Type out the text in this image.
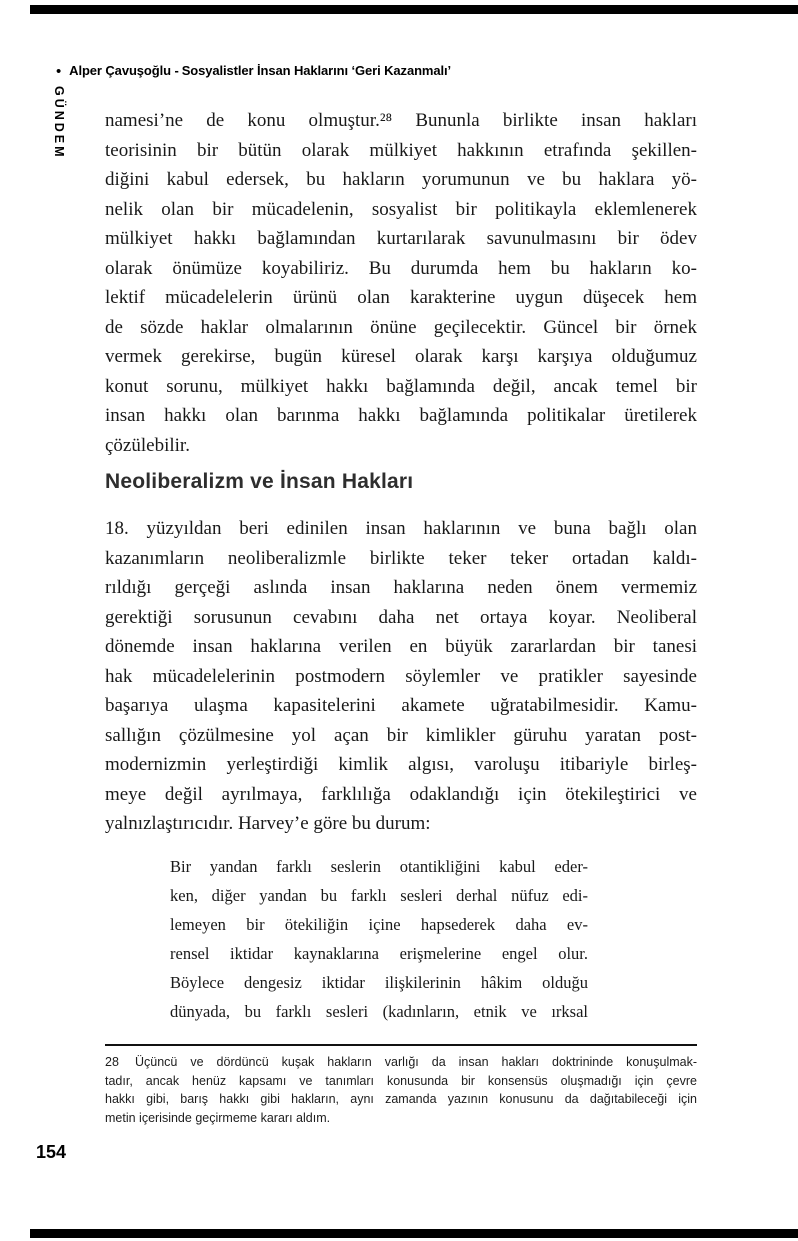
• Alper Çavuşoğlu - Sosyalistler İnsan Haklarını ‘Geri Kazanmalı’
GÜNDEM namesi’ne de konu olmuştur.²⁸ Bununla birlikte insan hakları
teorisinin bir bütün olarak mülkiyet hakkının etrafında şekillen-
diğini kabul edersek, bu hakların yorumunun ve bu haklara yö-
nelik olan bir mücadelenin, sosyalist bir politikayla eklemlenerek
mülkiyet hakkı bağlamından kurtarılarak savunulmasını bir ödev
olarak önümüze koyabiliriz. Bu durumda hem bu hakların ko-
lektif mücadelelerin ürünü olan karakterine uygun düşecek hem
de sözde haklar olmalarının önüne geçilecektir. Güncel bir örnek
vermek gerekirse, bugün küresel olarak karşı karşıya olduğumuz
konut sorunu, mülkiyet hakkı bağlamında değil, ancak temel bir
insan hakkı olan barınma hakkı bağlamında politikalar üretilerek
çözülebilir.
Neoliberalizm ve İnsan Hakları
18. yüzyıldan beri edinilen insan haklarının ve buna bağlı olan
kazanımların neoliberalizmle birlikte teker teker ortadan kaldı-
rıldığı gerçeği aslında insan haklarına neden önem vermemiz
gerektiği sorusunun cevabını daha net ortaya koyar. Neoliberal
dönemde insan haklarına verilen en büyük zararlardan bir tanesi
hak mücadelelerinin postmodern söylemler ve pratikler sayesinde
başarıya ulaşma kapasitelerini akamete uğratabilmesidir. Kamu-
sallığın çözülmesine yol açan bir kimlikler güruhu yaratan post-
modernizmin yerleştirdiği kimlik algısı, varoluşu itibariyle birleş-
meye değil ayrılmaya, farklılığa odaklandığı için ötekileştirici ve
yalnızlaştırıcıdır. Harvey’e göre bu durum:
Bir yandan farklı seslerin otantikliğini kabul eder-
ken, diğer yandan bu farklı sesleri derhal nüfuz edi-
lemeyen bir ötekiliğin içine hapsederek daha ev-
rensel iktidar kaynaklarına erişmelerine engel olur.
Böylece dengesiz iktidar ilişkilerinin hâkim olduğu
dünyada, bu farklı sesleri (kadınların, etnik ve ırksal
28	Üçüncü ve dördüncü kuşak hakların varlığı da insan hakları doktrininde konuşulmak-
tadır, ancak henüz kapsamı ve tanımları konusunda bir konsensüs oluşmadığı için çevre
hakkı gibi, barış hakkı gibi hakların, aynı zamanda yazının konusunu da dağıtabileceği için
metin içerisinde geçirmeme kararı aldım.
154
